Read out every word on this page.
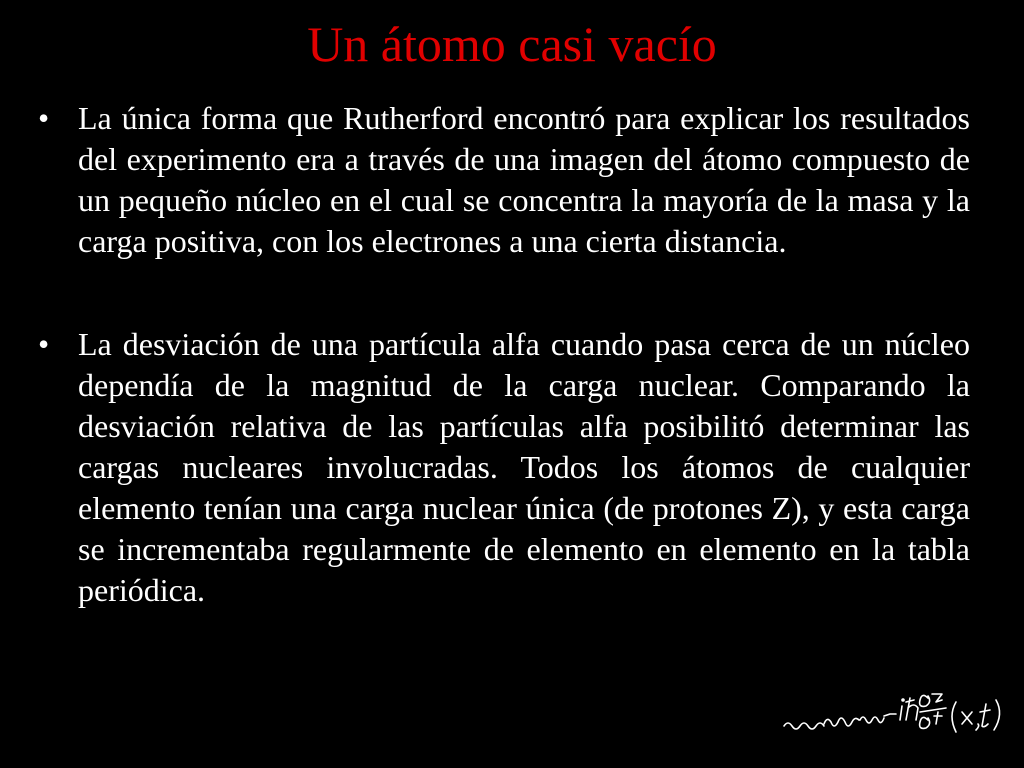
Un átomo casi vacío
• La única forma que Rutherford encontró para explicar los resultados del experimento era a través de una imagen del átomo compuesto de un pequeño núcleo en el cual se concentra la mayoría de la masa y la carga positiva, con los electrones a una cierta distancia.
• La desviación de una partícula alfa cuando pasa cerca de un núcleo dependía de la magnitud de la carga nuclear. Comparando la desviación relativa de las partículas alfa posibilitó determinar las cargas nucleares involucradas. Todos los átomos de cualquier elemento tenían una carga nuclear única (de protones Z), y esta carga se incrementaba regularmente de elemento en elemento en la tabla periódica.
